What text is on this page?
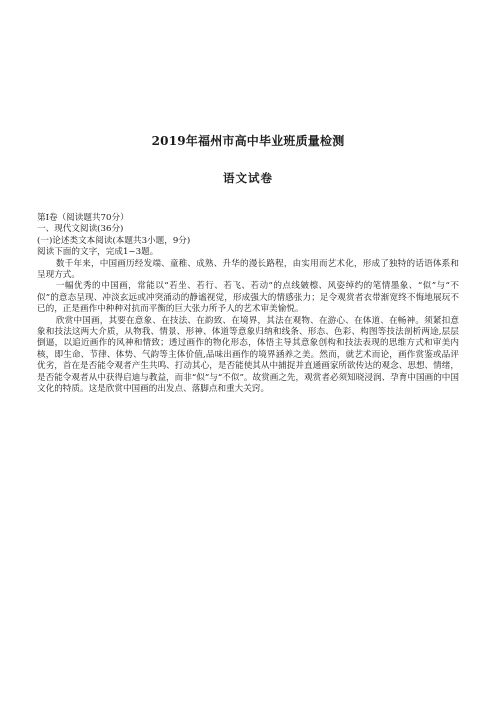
2019年福州市高中毕业班质量检测
语文试卷
第I卷（阅读题共70分）
一、现代文阅读(36分)
(一)论述类文本阅读(本题共3小题，9分)
阅读下面的文字，完成1~3题。
数千年来，中国画历经发端、童稚、成熟、升华的漫长路程，由实用而艺术化，形成了独特的话语体系和呈现方式。
一幅优秀的中国画，常能以“若坐、若行、若飞、若动”的点线皴檫、风姿绰约的笔情墨象、“似”与“不似”的意态呈现、冲淡玄远或冲突涌动的静谧视觉，形成强大的情感张力；足令观赏者衣带渐宽终不悔地展玩不已的，正是画作中种种对抗而平衡的巨大张力所予人的艺术审美愉悦。
欣赏中国画，其要在意象、在技法、在韵致、在境界，其法在观物、在游心、在体道、在畅神。须紧扣意象和技法这两大介质，从物我、情景、形神、体道等意象归纳和线条、形态、色彩、构图等技法剖析两途,层层倒逼，以追近画作的风神和情致；透过画作的物化形态，体悟主导其意象创构和技法表现的思维方式和审美内核，即生命、节律、体势、气韵等主体价值,品味出画作的境界涵养之美。然而，就艺术而论，画作赏鉴或品评优劣，首在是否能令观者产生共鸣、打动其心，是否能使其从中捕捉并直通画家所欲传达的观念、思想、情绪，是否能令观者从中获得启迪与教益，而非“似”与“不似”。故赏画之先，观赏者必须知晓浸润、孕育中国画的中国文化的特质。这是欣赏中国画的出发点、落脚点和重大关窍。
